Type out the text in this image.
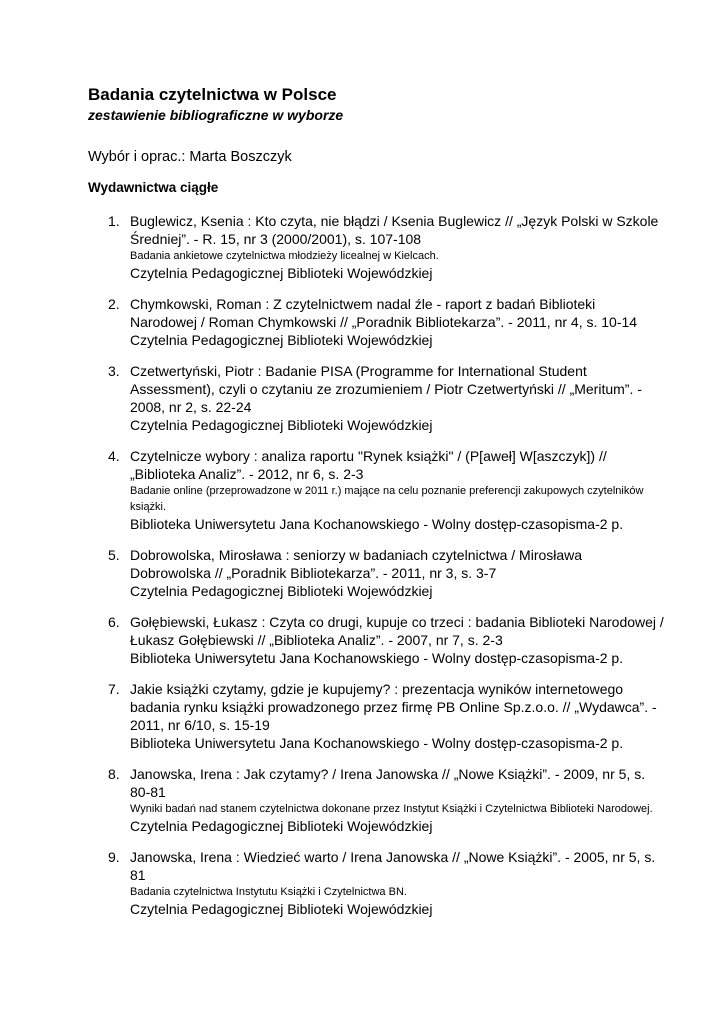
Badania czytelnictwa w Polsce
zestawienie bibliograficzne w wyborze
Wybór i oprac.: Marta Boszczyk
Wydawnictwa ciągłe
1. Buglewicz, Ksenia : Kto czyta, nie błądzi / Ksenia Buglewicz // „Język Polski w Szkole Średniej”. - R. 15, nr 3 (2000/2001), s. 107-108
Badania ankietowe czytelnictwa młodzieży licealnej w Kielcach.
Czytelnia Pedagogicznej Biblioteki Wojewódzkiej
2. Chymkowski, Roman : Z czytelnictwem nadal źle - raport z badań Biblioteki Narodowej / Roman Chymkowski // „Poradnik Bibliotekarza”. - 2011, nr 4, s. 10-14
Czytelnia Pedagogicznej Biblioteki Wojewódzkiej
3. Czetwertyński, Piotr : Badanie PISA (Programme for International Student Assessment), czyli o czytaniu ze zrozumieniem / Piotr Czetwertyński // „Meritum”. - 2008, nr 2, s. 22-24
Czytelnia Pedagogicznej Biblioteki Wojewódzkiej
4. Czytelnicze wybory : analiza raportu "Rynek książki" / (P[aweł] W[aszczyk]) // „Biblioteka Analiz”. - 2012, nr 6, s. 2-3
Badanie online (przeprowadzone w 2011 r.) mające na celu poznanie preferencji zakupowych czytelników książki.
Biblioteka Uniwersytetu Jana Kochanowskiego - Wolny dostęp-czasopisma-2 p.
5. Dobrowolska, Mirosława : seniorzy w badaniach czytelnictwa / Mirosława Dobrowolska // „Poradnik Bibliotekarza”. - 2011, nr 3, s. 3-7
Czytelnia Pedagogicznej Biblioteki Wojewódzkiej
6. Gołębiewski, Łukasz : Czyta co drugi, kupuje co trzeci : badania Biblioteki Narodowej / Łukasz Gołębiewski // „Biblioteka Analiz”. - 2007, nr 7, s. 2-3
Biblioteka Uniwersytetu Jana Kochanowskiego - Wolny dostęp-czasopisma-2 p.
7. Jakie książki czytamy, gdzie je kupujemy? : prezentacja wyników internetowego badania rynku książki prowadzonego przez firmę PB Online Sp.z.o.o. // „Wydawca”. - 2011, nr 6/10, s. 15-19
Biblioteka Uniwersytetu Jana Kochanowskiego - Wolny dostęp-czasopisma-2 p.
8. Janowska, Irena : Jak czytamy? / Irena Janowska // „Nowe Książki”. - 2009, nr 5, s. 80-81
Wyniki badań nad stanem czytelnictwa dokonane przez Instytut Książki i Czytelnictwa Biblioteki Narodowej.
Czytelnia Pedagogicznej Biblioteki Wojewódzkiej
9. Janowska, Irena : Wiedzieć warto / Irena Janowska // „Nowe Książki”. - 2005, nr 5, s. 81
Badania czytelnictwa Instytutu Książki i Czytelnictwa BN.
Czytelnia Pedagogicznej Biblioteki Wojewódzkiej
